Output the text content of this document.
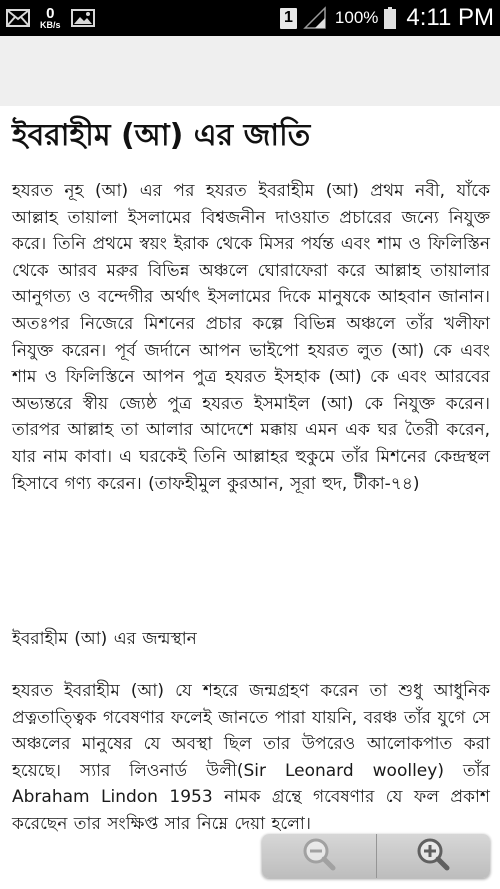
0
KB/s	1 100% 4:11 PM
ইবরাহীম (আ) এর জাতি

হযরত নূহ (আ) এর পর হযরত ইবরাহীম (আ) প্রথম নবী, যাঁকে আল্লাহ তায়ালা ইসলামের বিশ্বজনীন দাওয়াত প্রচারের জন্যে নিযুক্ত করে। তিনি প্রথমে স্বয়ং ইরাক থেকে মিসর পর্যন্ত এবং শাম ও ফিলিস্তিন থেকে আরব মরুর বিভিন্ন অঞ্চলে ঘোরাফেরা করে আল্লাহ তায়ালার আনুগত্য ও বন্দেগীর অর্থাৎ ইসলামের দিকে মানুষকে আহবান জানান। অতঃপর নিজেরে মিশনের প্রচার কল্পে বিভিন্ন অঞ্চলে তাঁর খলীফা নিযুক্ত করেন। পূর্ব জর্দানে আপন ভাইপো হযরত লুত (আ) কে এবং শাম ও ফিলিস্তিনে আপন পুত্র হযরত ইসহাক (আ) কে এবং আরবের অভ্যন্তরে স্বীয় জ্যেষ্ঠ পুত্র হযরত ইসমাইল (আ) কে নিযুক্ত করেন। তারপর আল্লাহ তা আলার আদেশে মক্কায় এমন এক ঘর তৈরী করেন, যার নাম কাবা। এ ঘরকেই তিনি আল্লাহর হুকুমে তাঁর মিশনের কেন্দ্রস্থল হিসাবে গণ্য করেন। (তাফহীমুল কুরআন, সূরা হুদ, টীকা-৭৪)

ইবরাহীম (আ) এর জন্মস্থান

হযরত ইবরাহীম (আ) যে শহরে জন্মগ্রহণ করেন তা শুধু আধুনিক প্রত্নতাত্ত্বিক গবেষণার ফলেই জানতে পারা যায়নি, বরঞ্চ তাঁর যুগে সে অঞ্চলের মানুষের যে অবস্থা ছিল তার উপরেও আলোকপাত করা হয়েছে। স্যার লিওনার্ড উলী(Sir Leonard woolley) তাঁর Abraham Lindon 1953 নামক গ্রন্থে গবেষণার যে ফল প্রকাশ করেছেন তার সংক্ষিপ্ত সার নিম্নে দেয়া হলো।
